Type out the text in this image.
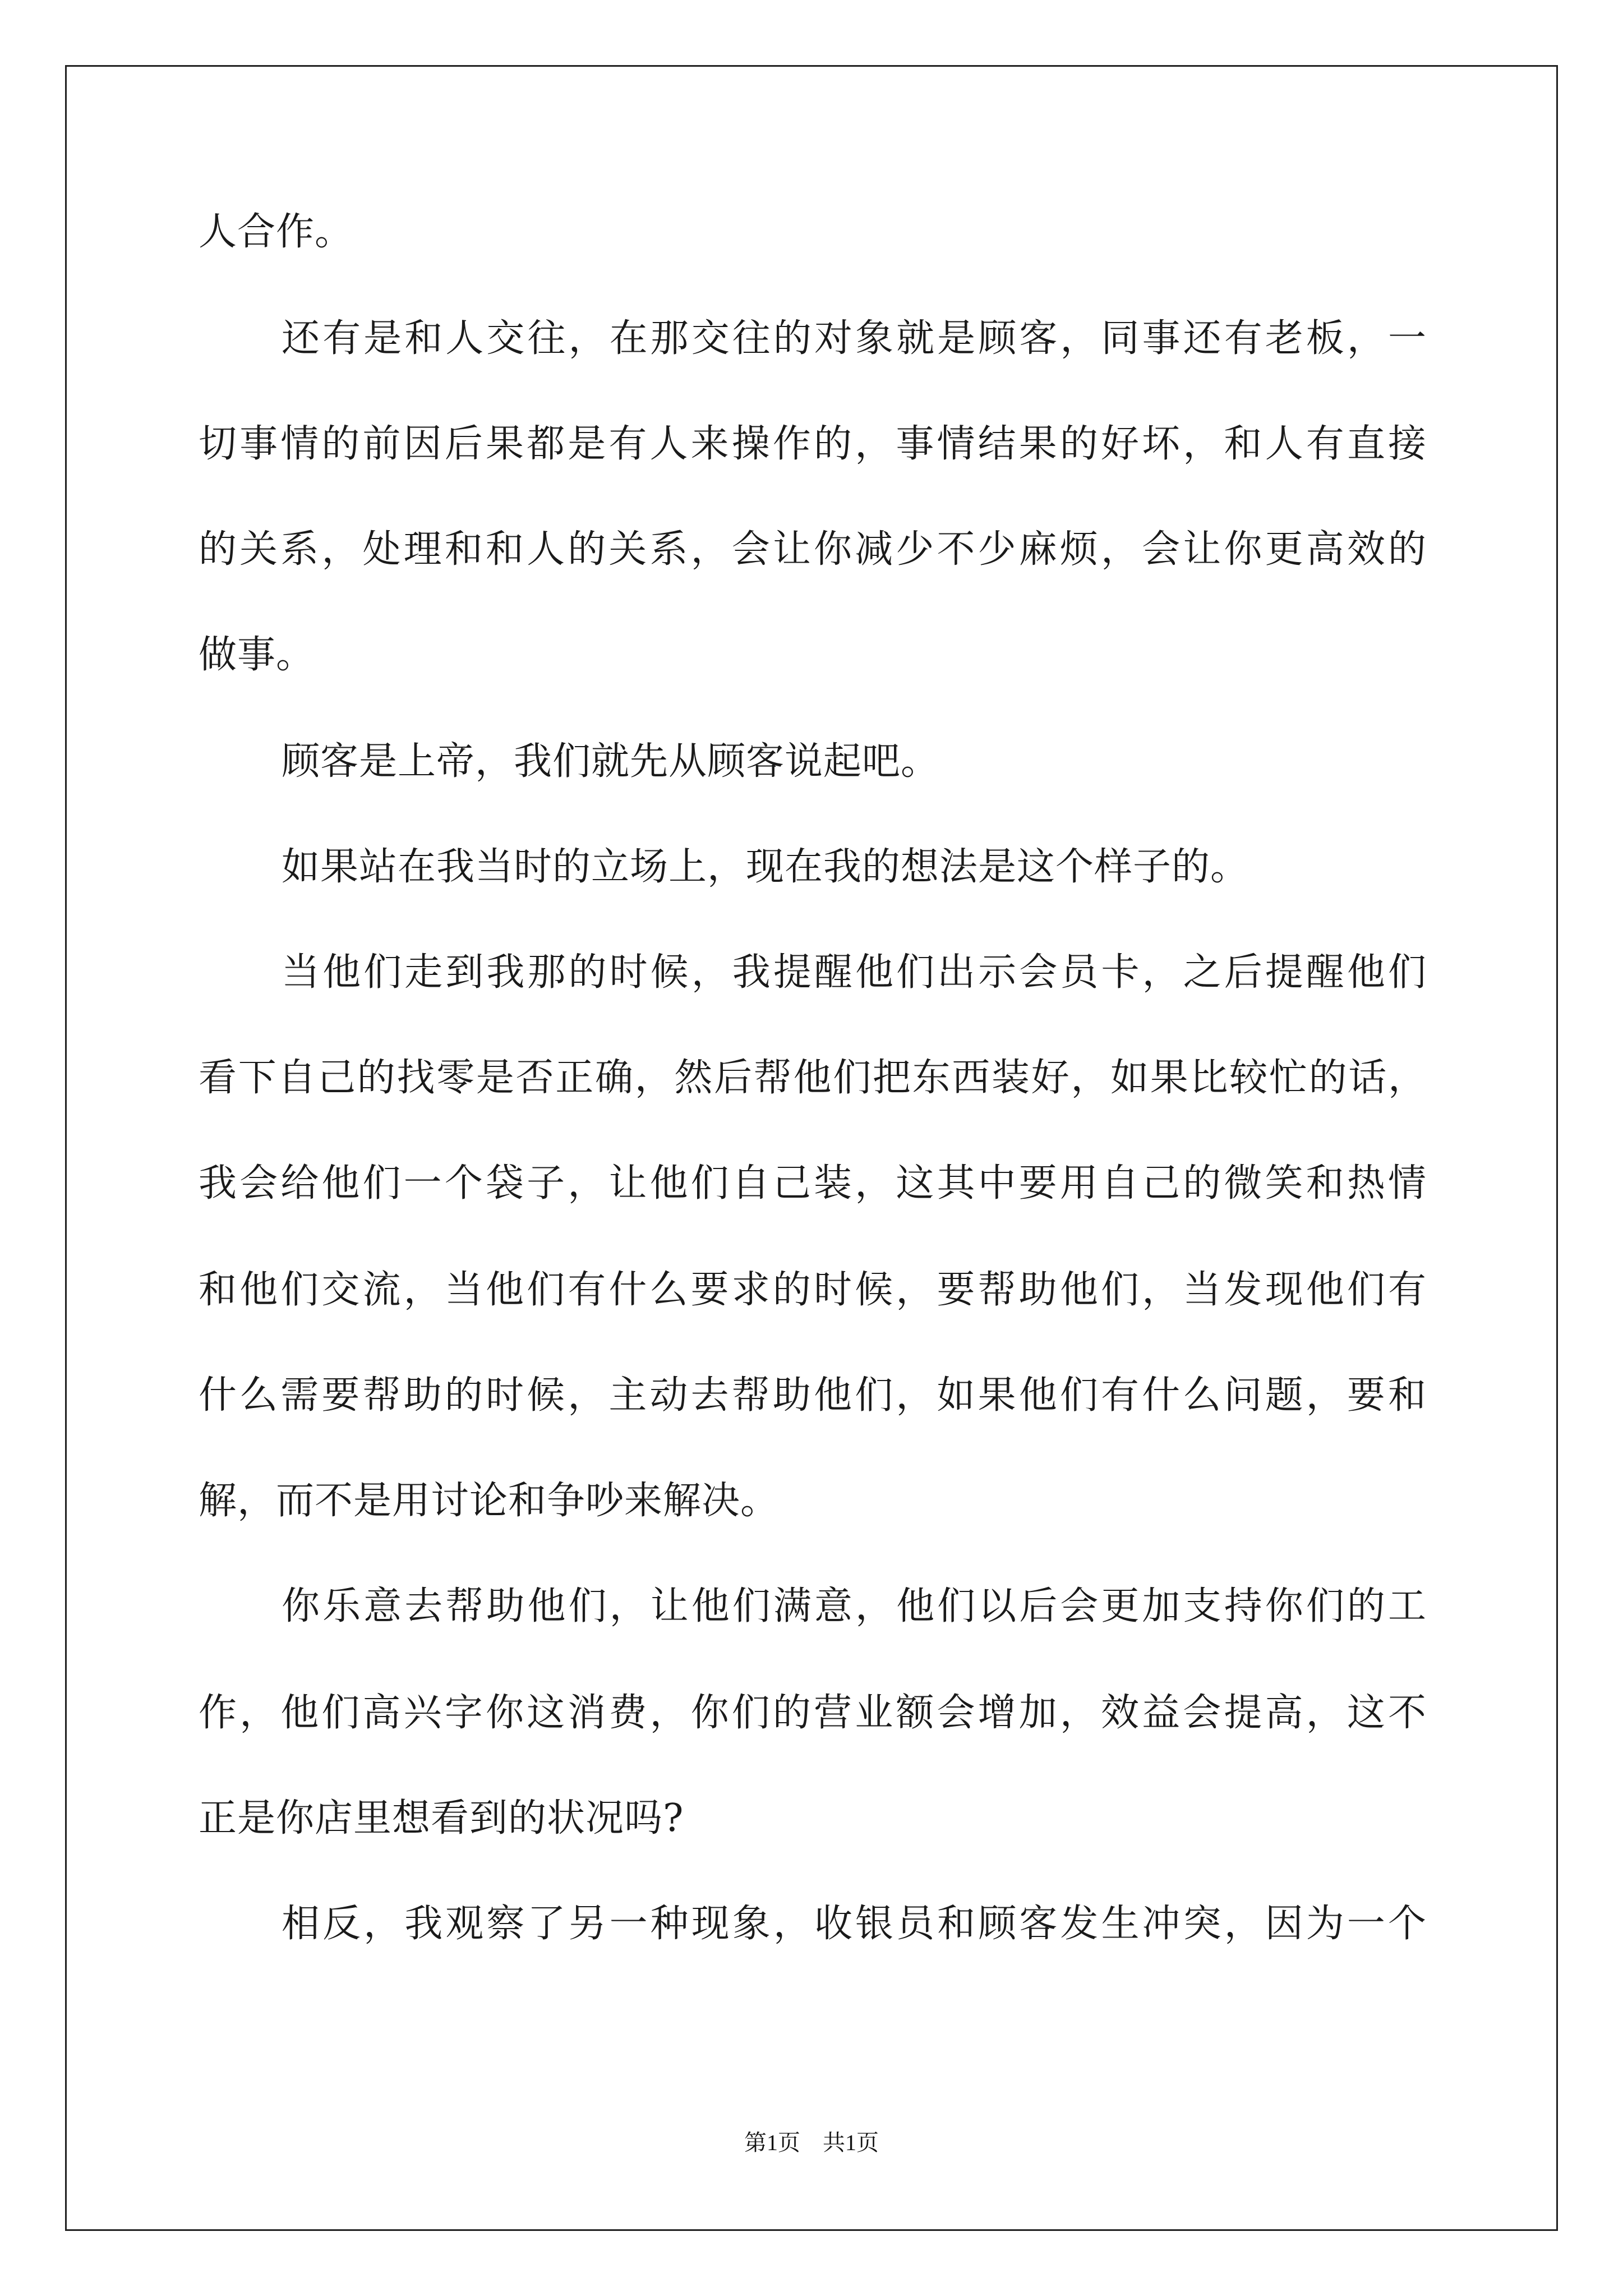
人合作。
还有是和人交往，在那交往的对象就是顾客，同事还有老板，一
切事情的前因后果都是有人来操作的，事情结果的好坏，和人有直接
的关系，处理和和人的关系，会让你减少不少麻烦，会让你更高效的
做事。
顾客是上帝，我们就先从顾客说起吧。
如果站在我当时的立场上，现在我的想法是这个样子的。
当他们走到我那的时候，我提醒他们出示会员卡，之后提醒他们
看下自己的找零是否正确，然后帮他们把东西装好，如果比较忙的话，
我会给他们一个袋子，让他们自己装，这其中要用自己的微笑和热情
和他们交流，当他们有什么要求的时候，要帮助他们，当发现他们有
什么需要帮助的时候，主动去帮助他们，如果他们有什么问题，要和
解，而不是用讨论和争吵来解决。
你乐意去帮助他们，让他们满意，他们以后会更加支持你们的工
作，他们高兴字你这消费，你们的营业额会增加，效益会提高，这不
正是你店里想看到的状况吗?
相反，我观察了另一种现象，收银员和顾客发生冲突，因为一个
第1页　共1页
